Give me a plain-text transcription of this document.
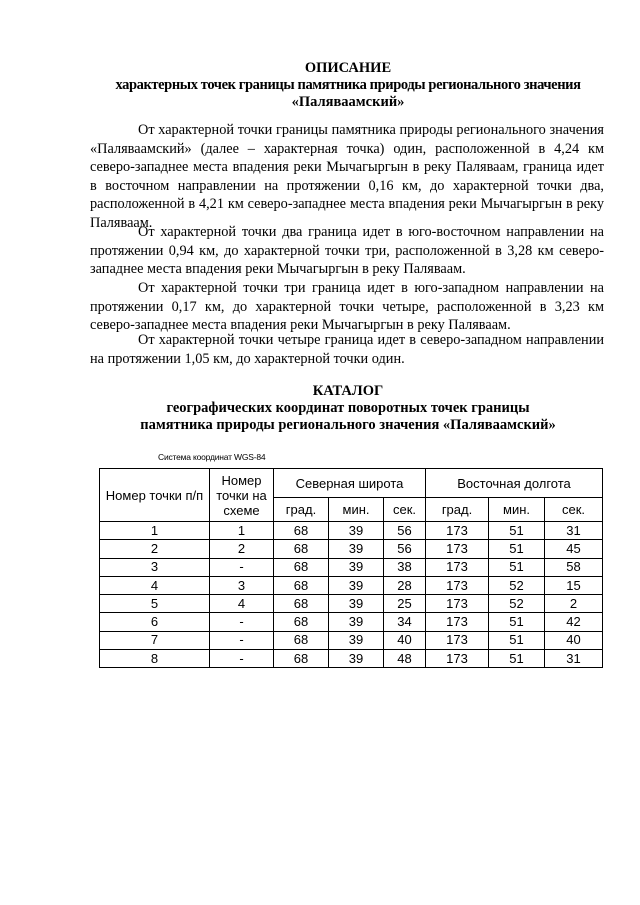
ОПИСАНИЕ
характерных точек границы памятника природы регионального значения
«Паляваамский»

От характерной точки границы памятника природы регионального значения «Паляваамский» (далее – характерная точка) один, расположенной в 4,24 км северо-западнее места впадения реки Мычагыргын в реку Паляваам, граница идет в восточном направлении на протяжении 0,16 км, до характерной точки два, расположенной в 4,21 км северо-западнее места впадения реки Мычагыргын в реку Паляваам.

От характерной точки два граница идет в юго-восточном направлении на протяжении 0,94 км, до характерной точки три, расположенной в 3,28 км северо-западнее места впадения реки Мычагыргын в реку Паляваам.

От характерной точки три граница идет в юго-западном направлении на протяжении 0,17 км, до характерной точки четыре, расположенной в 3,23 км северо-западнее места впадения реки Мычагыргын в реку Паляваам.

От характерной точки четыре граница идет в северо-западном направлении на протяжении 1,05 км, до характерной точки один.

КАТАЛОГ
географических координат поворотных точек границы
памятника природы регионального значения «Паляваамский»
Система координат WGS-84
Номер точки п/п	Номер точки на схеме	Северная широта			Восточная долгота		
		град.	мин.	сек.	град.	мин.	сек.
1	1	68	39	56	173	51	31
2	2	68	39	56	173	51	45
3	-	68	39	38	173	51	58
4	3	68	39	28	173	52	15
5	4	68	39	25	173	52	2
6	-	68	39	34	173	51	42
7	-	68	39	40	173	51	40
8	-	68	39	48	173	51	31
